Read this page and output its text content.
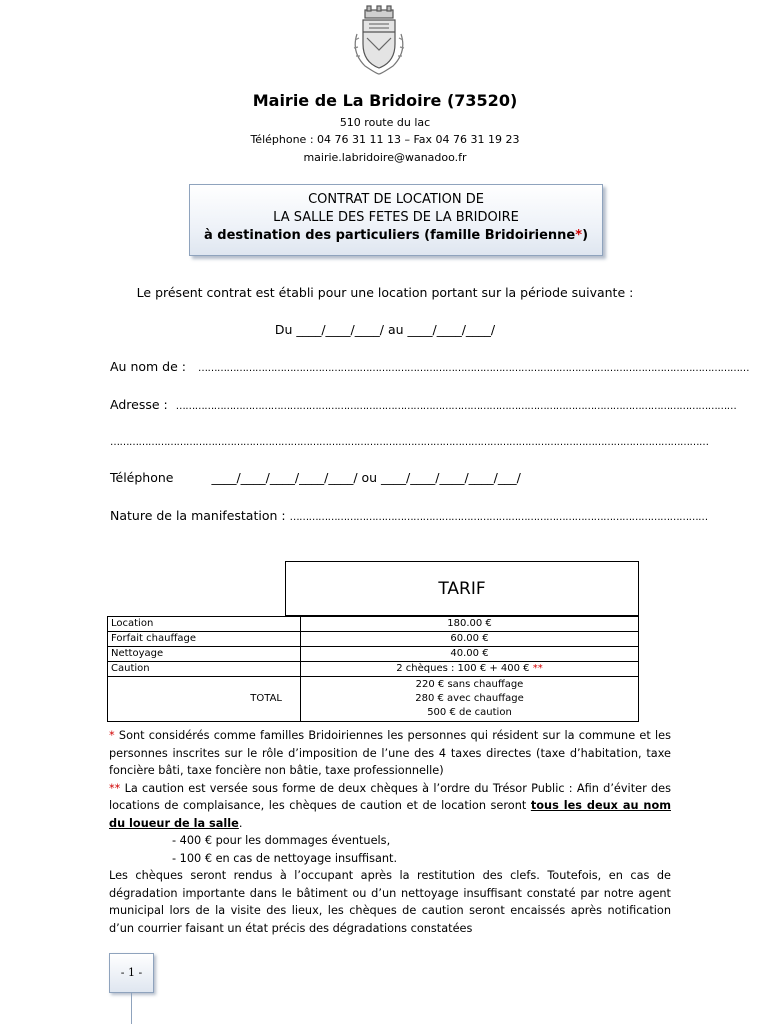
Mairie de La Bridoire (73520)
510 route du lac
Téléphone : 04 76 31 11 13 – Fax 04 76 31 19 23
mairie.labridoire@wanadoo.fr
CONTRAT DE LOCATION DE
LA SALLE DES FETES DE LA BRIDOIRE
à destination des particuliers (famille Bridoirienne*)
Le présent contrat est établi pour une location portant sur la période suivante :
Du ____/____/____/ au ____/____/____/
Au nom de : …………………………………………………………………………………………………………………………………………………………
Adresse : ……………………………………………………………………………………………………………………………………………………………
………………………………………………………………………………………………………………………………………………………………………
Téléphone	____/____/____/____/____/ ou ____/____/____/____/___/
Nature de la manifestation : ……………………………………………………………………………………………………………………
TARIF
Location	180.00 €
Forfait chauffage	60.00 €
Nettoyage	40.00 €
Caution	2 chèques : 100 € + 400 € **
TOTAL	220 € sans chauffage
280 € avec chauffage
500 € de caution

* Sont considérés comme familles Bridoiriennes les personnes qui résident sur la commune et les personnes inscrites sur le rôle d’imposition de l’une des 4 taxes directes (taxe d’habitation, taxe foncière bâti, taxe foncière non bâtie, taxe professionnelle)

** La caution est versée sous forme de deux chèques à l’ordre du Trésor Public : Afin d’éviter des locations de complaisance, les chèques de caution et de location seront tous les deux au nom du loueur de la salle.

- 400 € pour les dommages éventuels,

- 100 € en cas de nettoyage insuffisant.

Les chèques seront rendus à l’occupant après la restitution des clefs. Toutefois, en cas de dégradation importante dans le bâtiment ou d’un nettoyage insuffisant constaté par notre agent municipal lors de la visite des lieux, les chèques de caution seront encaissés après notification d’un courrier faisant un état précis des dégradations constatées

- 1 -
